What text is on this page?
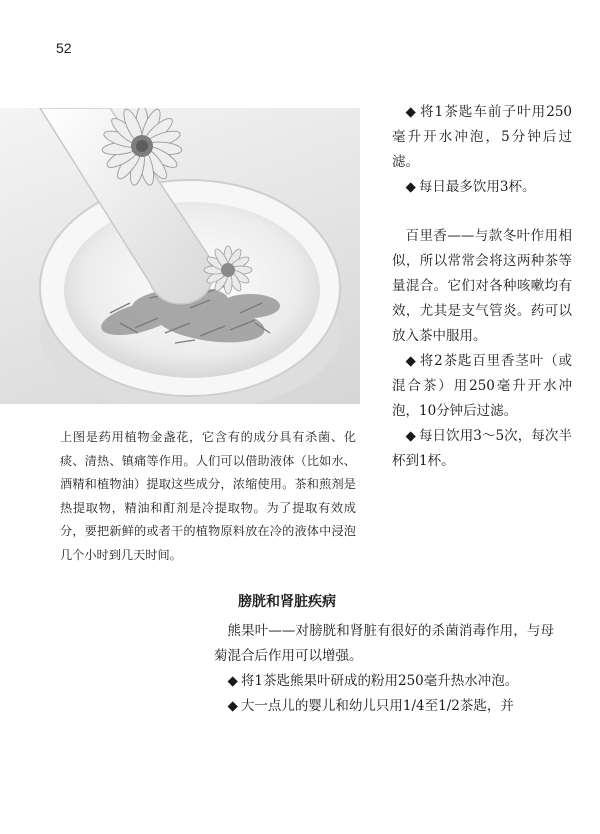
52
上图是药用植物金盏花，它含有的成分具有杀菌、化痰、清热、镇痛等作用。人们可以借助液体（比如水、酒精和植物油）提取这些成分，浓缩使用。茶和煎剂是热提取物，精油和酊剂是冷提取物。为了提取有效成分，要把新鲜的或者干的植物原料放在冷的液体中浸泡几个小时到几天时间。

◆ 将1茶匙车前子叶用250毫升开水冲泡，5分钟后过滤。

◆ 每日最多饮用3杯。

百里香——与款冬叶作用相似，所以常常会将这两种茶等量混合。它们对各种咳嗽均有效，尤其是支气管炎。药可以放入茶中服用。

◆ 将2茶匙百里香茎叶（或混合茶）用250毫升开水冲泡，10分钟后过滤。

◆ 每日饮用3～5次，每次半杯到1杯。

膀胱和肾脏疾病

熊果叶——对膀胱和肾脏有很好的杀菌消毒作用，与母菊混合后作用可以增强。

◆ 将1茶匙熊果叶研成的粉用250毫升热水冲泡。

◆ 大一点儿的婴儿和幼儿只用1/4至1/2茶匙，并
